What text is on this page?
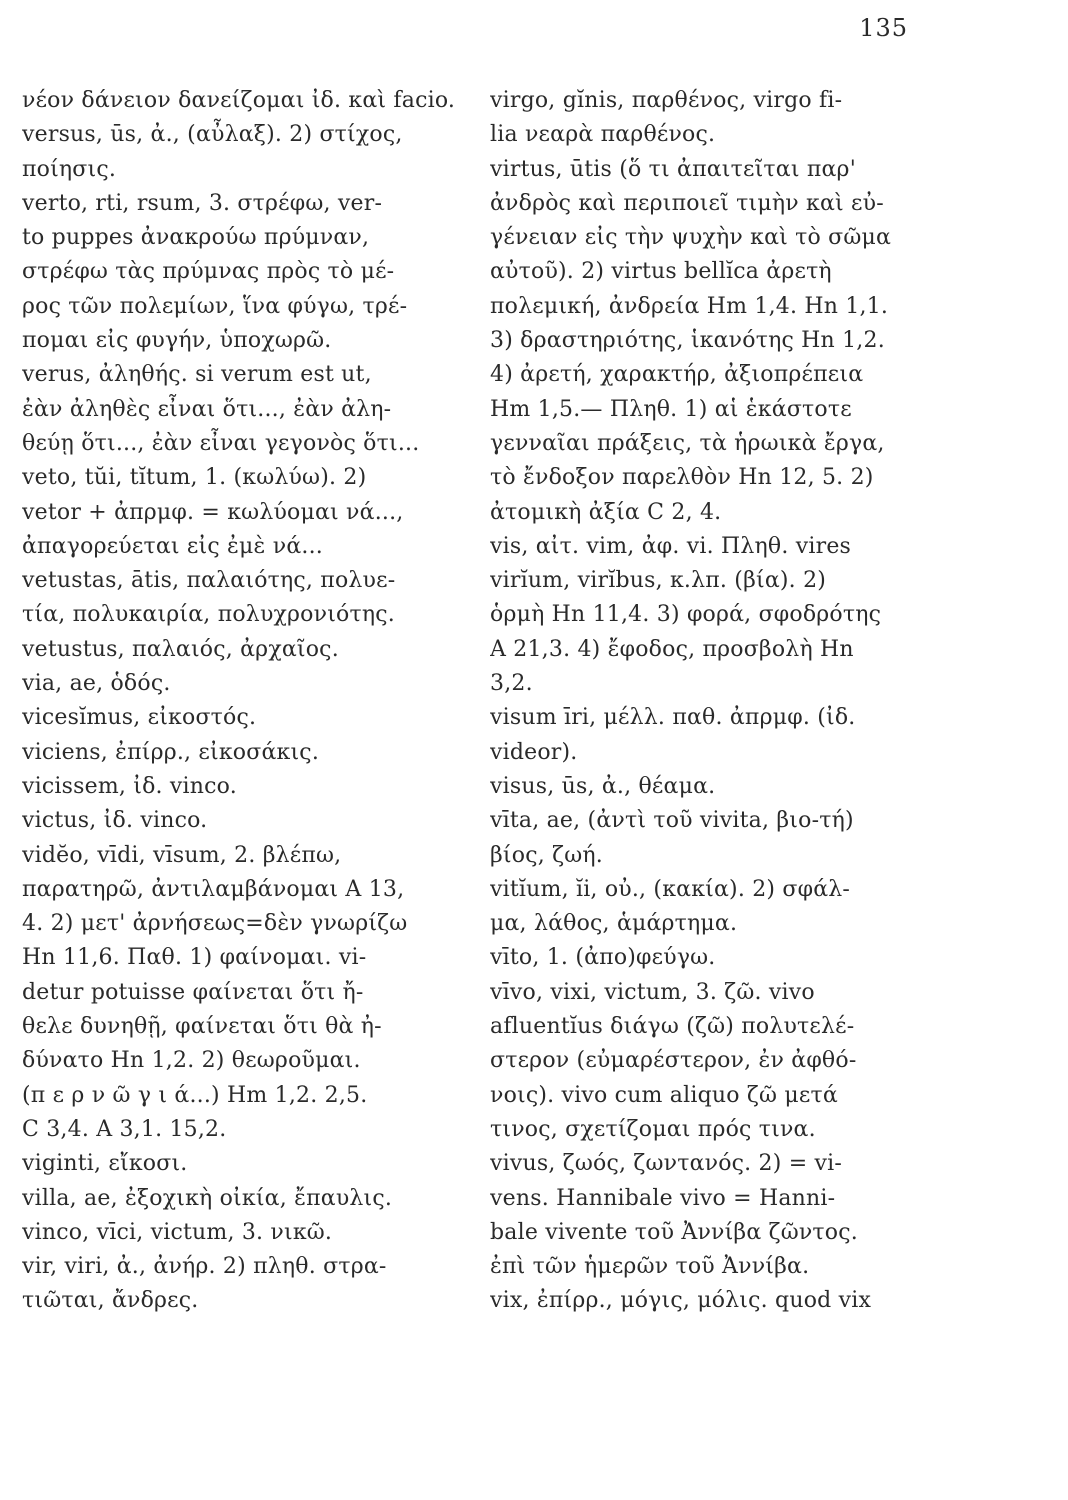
135
νέον δάνειον δανείζομαι ἰδ. καὶ facio.
versus, ūs, ἀ., (αὖλαξ). 2) στίχος,
ποίησις.
verto, rti, rsum, 3. στρέφω, ver-
to puppes ἀνακρούω πρύμναν,
στρέφω τὰς πρύμνας πρὸς τὸ μέ-
ρος τῶν πολεμίων, ἵνα φύγω, τρέ-
πομαι εἰς φυγήν, ὑποχωρῶ.
verus, ἀληθής. si verum est ut,
ἐὰν ἀληθὲς εἶναι ὅτι..., ἐὰν ἀλη-
θεύῃ ὅτι..., ἐὰν εἶναι γεγονὸς ὅτι...
veto, tŭi, tĭtum, 1. (κωλύω). 2)
vetor + ἀπρμφ. = κωλύομαι νά...,
ἀπαγορεύεται εἰς ἐμὲ νά...
vetustas, ātis, παλαιότης, πολυε-
τία, πολυκαιρία, πολυχρονιότης.
vetustus, παλαιός, ἀρχαῖος.
via, ae, ὁδός.
vicesĭmus, εἰκοστός.
viciens, ἐπίρρ., εἰκοσάκις.
vicissem, ἰδ. vinco.
victus, ἰδ. vinco.
vidĕo, vīdi, vīsum, 2. βλέπω,
παρατηρῶ, ἀντιλαμβάνομαι A 13,
4. 2) μετ' ἀρνήσεως=δὲν γνωρίζω
Hn 11,6. Παθ. 1) φαίνομαι. vi-
detur potuisse φαίνεται ὅτι ἤ-
θελε δυνηθῇ, φαίνεται ὅτι θὰ ἠ-
δύνατο Hn 1,2. 2) θεωροῦμαι.
(π ε ρ ν ῶ γ ι ά...) Hm 1,2. 2,5.
C 3,4. A 3,1. 15,2.
viginti, εἴκοσι.
villa, ae, ἐξοχικὴ οἰκία, ἔπαυλις.
vinco, vīci, victum, 3. νικῶ.
vir, viri, ἀ., ἀνήρ. 2) πληθ. στρα-
τιῶται, ἄνδρες.
virgo, gĭnis, παρθένος, virgo fi-
lia νεαρὰ παρθένος.
virtus, ūtis (ὅ τι ἀπαιτεῖται παρ'
ἀνδρὸς καὶ περιποιεῖ τιμὴν καὶ εὐ-
γένειαν εἰς τὴν ψυχὴν καὶ τὸ σῶμα
αὐτοῦ). 2) virtus bellĭca ἀρετὴ
πολεμική, ἀνδρεία Hm 1,4. Hn 1,1.
3) δραστηριότης, ἱκανότης Hn 1,2.
4) ἀρετή, χαρακτήρ, ἀξιοπρέπεια
Hm 1,5.— Πληθ. 1) αἱ ἑκάστοτε
γενναῖαι πράξεις, τὰ ἡρωικὰ ἔργα,
τὸ ἔνδοξον παρελθὸν Hn 12, 5. 2)
ἀτομικὴ ἀξία C 2, 4.
vis, αἰτ. vim, ἀφ. vi. Πληθ. vires
virĭum, virĭbus, κ.λπ. (βία). 2)
ὁρμὴ Hn 11,4. 3) φορά, σφοδρότης
A 21,3. 4) ἔφοδος, προσβολὴ Hn
3,2.
visum īri, μέλλ. παθ. ἀπρμφ. (ἰδ.
videor).
visus, ūs, ἀ., θέαμα.
vīta, ae, (ἀντὶ τοῦ vivita, βιο-τή)
βίος, ζωή.
vitĭum, ĭi, οὐ., (κακία). 2) σφάλ-
μα, λάθος, ἁμάρτημα.
vīto, 1. (ἀπο)φεύγω.
vīvo, vixi, victum, 3. ζῶ. vivo
afluentĭus διάγω (ζῶ) πολυτελέ-
στερον (εὐμαρέστερον, ἐν ἀφθό-
νοις). vivo cum aliquo ζῶ μετά
τινος, σχετίζομαι πρός τινα.
vivus, ζωός, ζωντανός. 2) = vi-
vens. Hannibale vivo = Hanni-
bale vivente τοῦ Ἀννίβα ζῶντος.
ἐπὶ τῶν ἡμερῶν τοῦ Ἀννίβα.
vix, ἐπίρρ., μόγις, μόλις. quod vix
